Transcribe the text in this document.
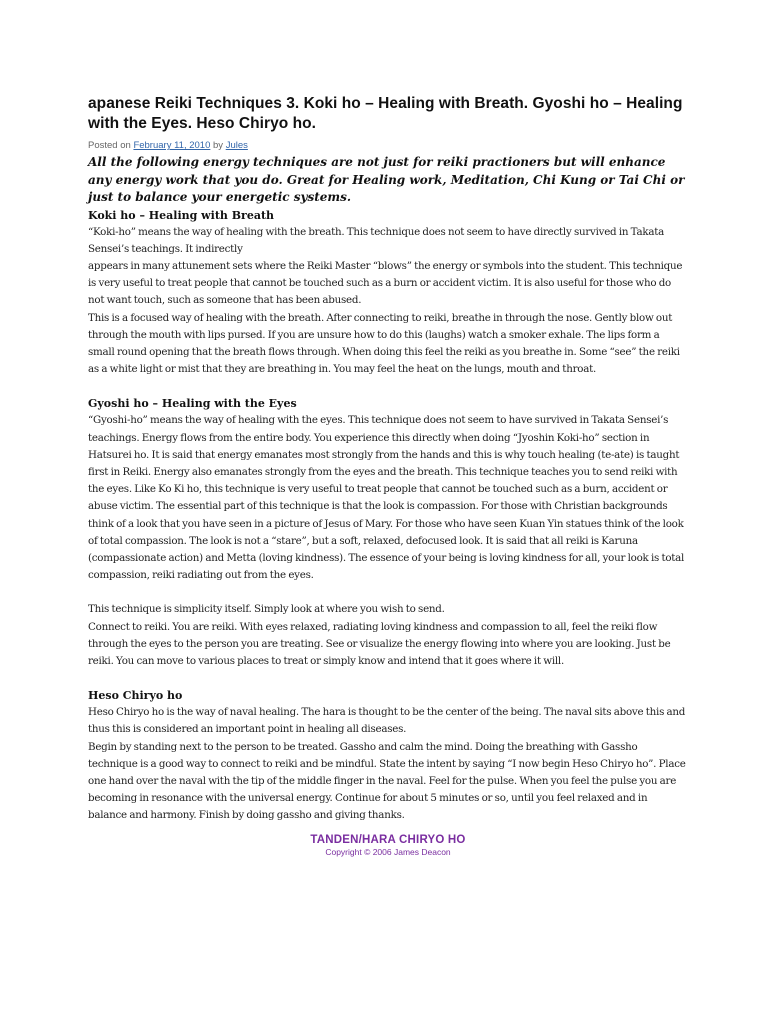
apanese Reiki Techniques 3. Koki ho – Healing with Breath. Gyoshi ho – Healing with the Eyes. Heso Chiryo ho.
Posted on February 11, 2010 by Jules
All the following energy techniques are not just for reiki practioners but will enhance any energy work that you do. Great for Healing work, Meditation, Chi Kung or Tai Chi or just to balance your energetic systems.
Koki ho – Healing with Breath
“Koki-ho” means the way of healing with the breath. This technique does not seem to have directly survived in Takata Sensei’s teachings. It indirectly
appears in many attunement sets where the Reiki Master “blows” the energy or symbols into the student. This technique is very useful to treat people that cannot be touched such as a burn or accident victim. It is also useful for those who do not want touch, such as someone that has been abused.
This is a focused way of healing with the breath. After connecting to reiki, breathe in through the nose. Gently blow out through the mouth with lips pursed. If you are unsure how to do this (laughs) watch a smoker exhale. The lips form a small round opening that the breath flows through. When doing this feel the reiki as you breathe in. Some “see” the reiki as a white light or mist that they are breathing in. You may feel the heat on the lungs, mouth and throat.
Gyoshi ho – Healing with the Eyes
“Gyoshi-ho” means the way of healing with the eyes. This technique does not seem to have survived in Takata Sensei’s teachings. Energy flows from the entire body. You experience this directly when doing “Jyoshin Koki-ho” section in Hatsurei ho. It is said that energy emanates most strongly from the hands and this is why touch healing (te-ate) is taught first in Reiki. Energy also emanates strongly from the eyes and the breath. This technique teaches you to send reiki with the eyes. Like Ko Ki ho, this technique is very useful to treat people that cannot be touched such as a burn, accident or abuse victim. The essential part of this technique is that the look is compassion. For those with Christian backgrounds think of a look that you have seen in a picture of Jesus of Mary. For those who have seen Kuan Yin statues think of the look of total compassion. The look is not a “stare”, but a soft, relaxed, defocused look. It is said that all reiki is Karuna (compassionate action) and Metta (loving kindness). The essence of your being is loving kindness for all, your look is total compassion, reiki radiating out from the eyes.
This technique is simplicity itself. Simply look at where you wish to send.
Connect to reiki. You are reiki. With eyes relaxed, radiating loving kindness and compassion to all, feel the reiki flow through the eyes to the person you are treating. See or visualize the energy flowing into where you are looking. Just be reiki. You can move to various places to treat or simply know and intend that it goes where it will.
Heso Chiryo ho
Heso Chiryo ho is the way of naval healing. The hara is thought to be the center of the being. The naval sits above this and thus this is considered an important point in healing all diseases.
Begin by standing next to the person to be treated. Gassho and calm the mind. Doing the breathing with Gassho technique is a good way to connect to reiki and be mindful. State the intent by saying “I now begin Heso Chiryo ho”. Place one hand over the naval with the tip of the middle finger in the naval. Feel for the pulse. When you feel the pulse you are becoming in resonance with the universal energy. Continue for about 5 minutes or so, until you feel relaxed and in balance and harmony. Finish by doing gassho and giving thanks.
TANDEN/HARA CHIRYO HO
Copyright © 2006 James Deacon
